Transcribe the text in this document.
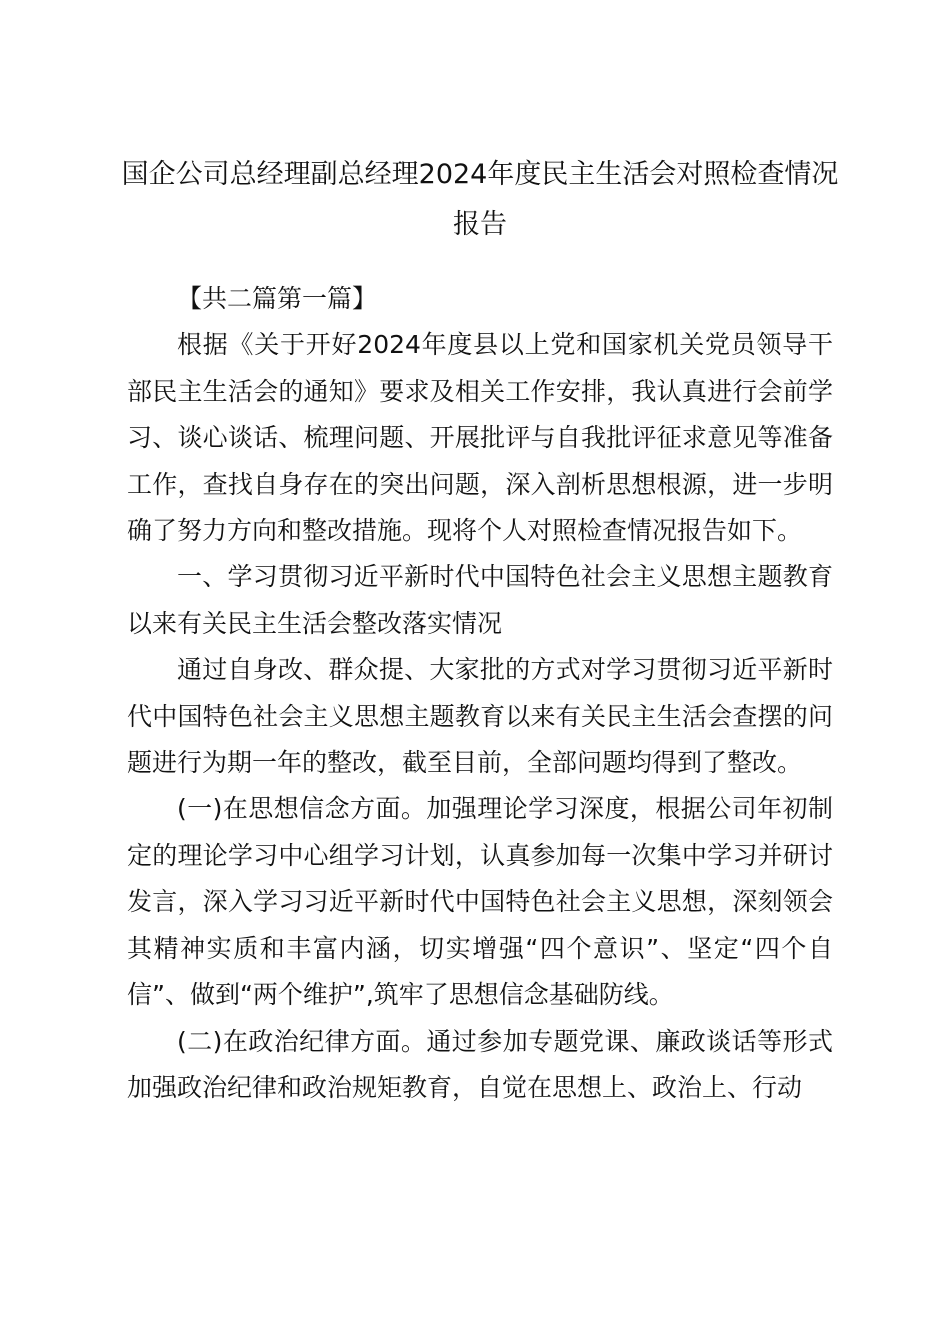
国企公司总经理副总经理2024年度民主生活会对照检查情况报告

【共二篇第一篇】

根据《关于开好2024年度县以上党和国家机关党员领导干部民主生活会的通知》要求及相关工作安排，我认真进行会前学习、谈心谈话、梳理问题、开展批评与自我批评征求意见等准备工作，查找自身存在的突出问题，深入剖析思想根源，进一步明确了努力方向和整改措施。现将个人对照检查情况报告如下。

一、学习贯彻习近平新时代中国特色社会主义思想主题教育以来有关民主生活会整改落实情况

通过自身改、群众提、大家批的方式对学习贯彻习近平新时代中国特色社会主义思想主题教育以来有关民主生活会查摆的问题进行为期一年的整改，截至目前，全部问题均得到了整改。

(一)在思想信念方面。加强理论学习深度，根据公司年初制定的理论学习中心组学习计划，认真参加每一次集中学习并研讨发言，深入学习习近平新时代中国特色社会主义思想，深刻领会其精神实质和丰富内涵，切实增强“四个意识”、坚定“四个自信”、做到“两个维护”,筑牢了思想信念基础防线。

(二)在政治纪律方面。通过参加专题党课、廉政谈话等形式加强政治纪律和政治规矩教育，自觉在思想上、政治上、行动
